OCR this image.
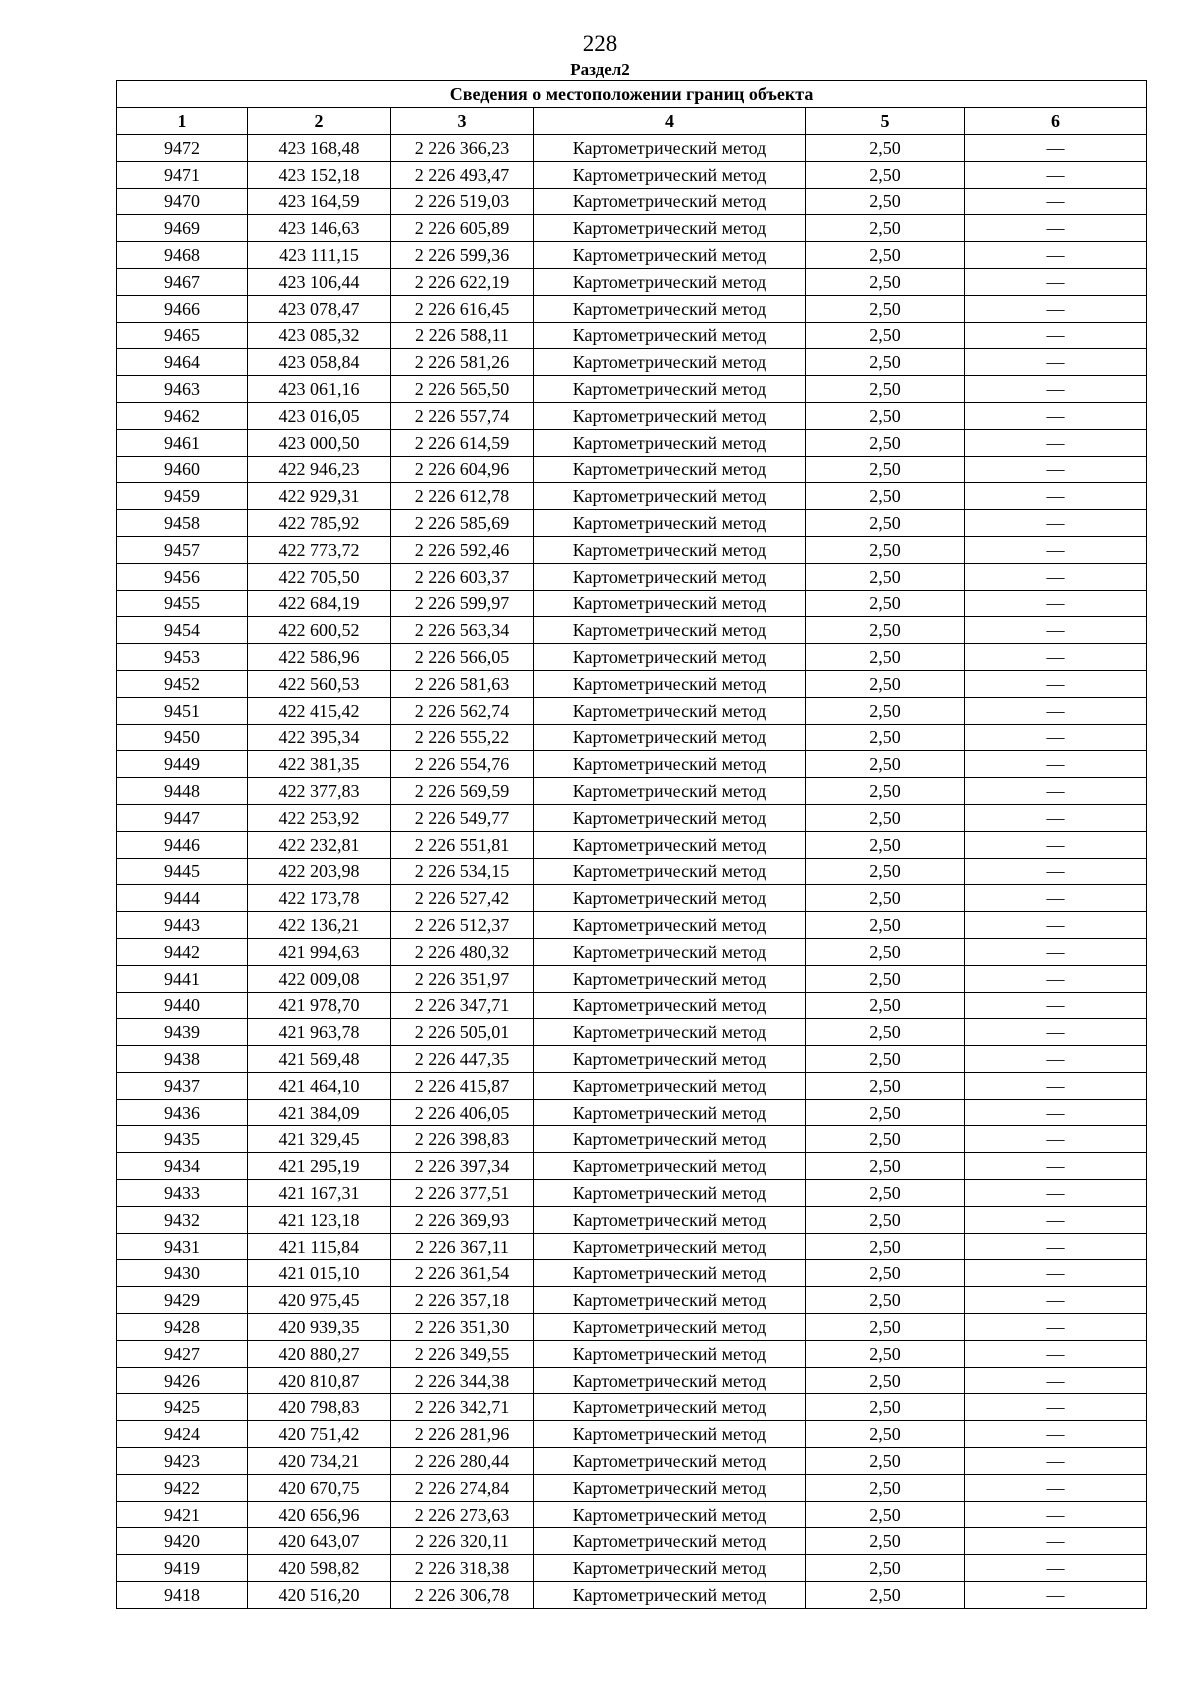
228
Раздел2
Сведения о местоположении границ объекта					
1	2	3	4	5	6
9472	423 168,48	2 226 366,23	Картометрический метод	2,50	—
9471	423 152,18	2 226 493,47	Картометрический метод	2,50	—
9470	423 164,59	2 226 519,03	Картометрический метод	2,50	—
9469	423 146,63	2 226 605,89	Картометрический метод	2,50	—
9468	423 111,15	2 226 599,36	Картометрический метод	2,50	—
9467	423 106,44	2 226 622,19	Картометрический метод	2,50	—
9466	423 078,47	2 226 616,45	Картометрический метод	2,50	—
9465	423 085,32	2 226 588,11	Картометрический метод	2,50	—
9464	423 058,84	2 226 581,26	Картометрический метод	2,50	—
9463	423 061,16	2 226 565,50	Картометрический метод	2,50	—
9462	423 016,05	2 226 557,74	Картометрический метод	2,50	—
9461	423 000,50	2 226 614,59	Картометрический метод	2,50	—
9460	422 946,23	2 226 604,96	Картометрический метод	2,50	—
9459	422 929,31	2 226 612,78	Картометрический метод	2,50	—
9458	422 785,92	2 226 585,69	Картометрический метод	2,50	—
9457	422 773,72	2 226 592,46	Картометрический метод	2,50	—
9456	422 705,50	2 226 603,37	Картометрический метод	2,50	—
9455	422 684,19	2 226 599,97	Картометрический метод	2,50	—
9454	422 600,52	2 226 563,34	Картометрический метод	2,50	—
9453	422 586,96	2 226 566,05	Картометрический метод	2,50	—
9452	422 560,53	2 226 581,63	Картометрический метод	2,50	—
9451	422 415,42	2 226 562,74	Картометрический метод	2,50	—
9450	422 395,34	2 226 555,22	Картометрический метод	2,50	—
9449	422 381,35	2 226 554,76	Картометрический метод	2,50	—
9448	422 377,83	2 226 569,59	Картометрический метод	2,50	—
9447	422 253,92	2 226 549,77	Картометрический метод	2,50	—
9446	422 232,81	2 226 551,81	Картометрический метод	2,50	—
9445	422 203,98	2 226 534,15	Картометрический метод	2,50	—
9444	422 173,78	2 226 527,42	Картометрический метод	2,50	—
9443	422 136,21	2 226 512,37	Картометрический метод	2,50	—
9442	421 994,63	2 226 480,32	Картометрический метод	2,50	—
9441	422 009,08	2 226 351,97	Картометрический метод	2,50	—
9440	421 978,70	2 226 347,71	Картометрический метод	2,50	—
9439	421 963,78	2 226 505,01	Картометрический метод	2,50	—
9438	421 569,48	2 226 447,35	Картометрический метод	2,50	—
9437	421 464,10	2 226 415,87	Картометрический метод	2,50	—
9436	421 384,09	2 226 406,05	Картометрический метод	2,50	—
9435	421 329,45	2 226 398,83	Картометрический метод	2,50	—
9434	421 295,19	2 226 397,34	Картометрический метод	2,50	—
9433	421 167,31	2 226 377,51	Картометрический метод	2,50	—
9432	421 123,18	2 226 369,93	Картометрический метод	2,50	—
9431	421 115,84	2 226 367,11	Картометрический метод	2,50	—
9430	421 015,10	2 226 361,54	Картометрический метод	2,50	—
9429	420 975,45	2 226 357,18	Картометрический метод	2,50	—
9428	420 939,35	2 226 351,30	Картометрический метод	2,50	—
9427	420 880,27	2 226 349,55	Картометрический метод	2,50	—
9426	420 810,87	2 226 344,38	Картометрический метод	2,50	—
9425	420 798,83	2 226 342,71	Картометрический метод	2,50	—
9424	420 751,42	2 226 281,96	Картометрический метод	2,50	—
9423	420 734,21	2 226 280,44	Картометрический метод	2,50	—
9422	420 670,75	2 226 274,84	Картометрический метод	2,50	—
9421	420 656,96	2 226 273,63	Картометрический метод	2,50	—
9420	420 643,07	2 226 320,11	Картометрический метод	2,50	—
9419	420 598,82	2 226 318,38	Картометрический метод	2,50	—
9418	420 516,20	2 226 306,78	Картометрический метод	2,50	—
